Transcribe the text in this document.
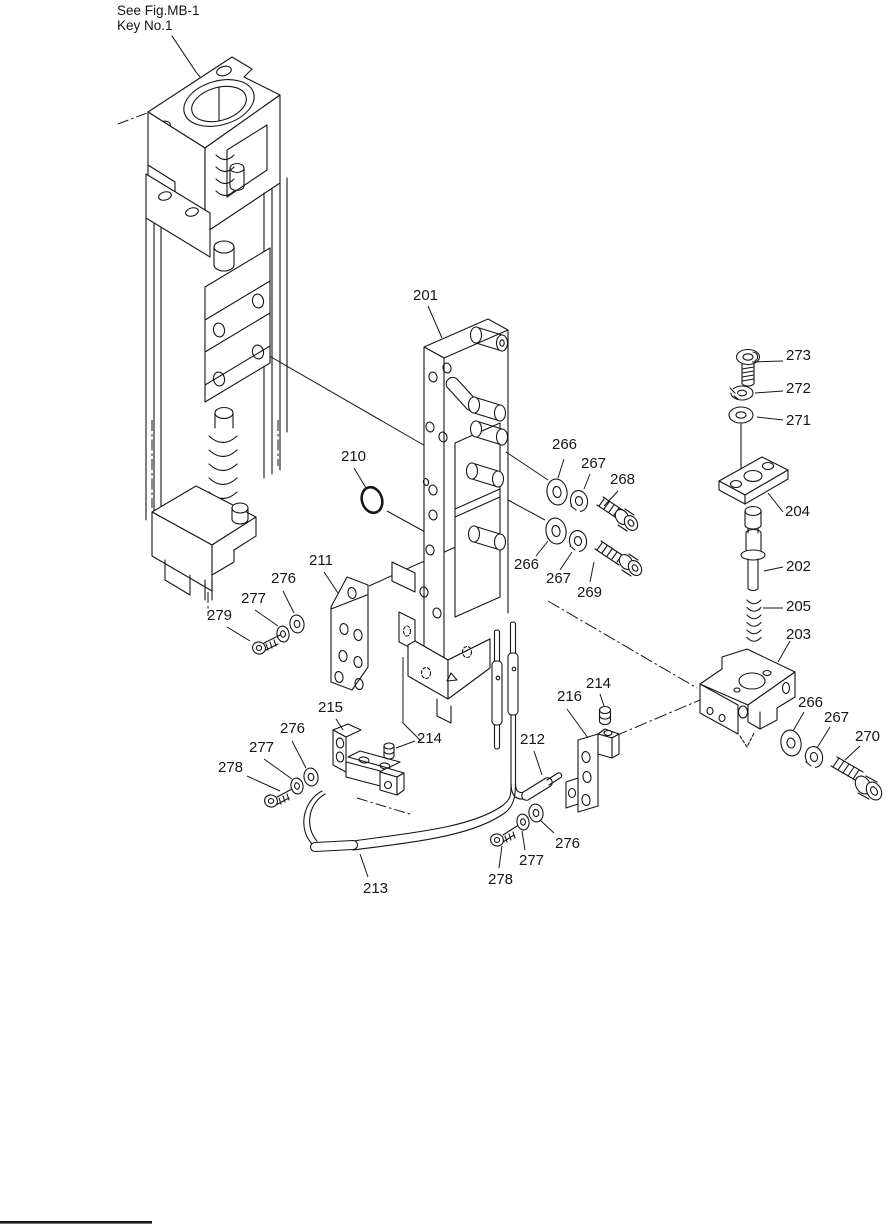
See Fig.MB-1
Key No.1
201
273
272
271
204
202
205
203
266
267
268
266
267
269
210
211
276
277
279
215
276
277
278
214
213
212
216
214
266
267
270
276
277
278
